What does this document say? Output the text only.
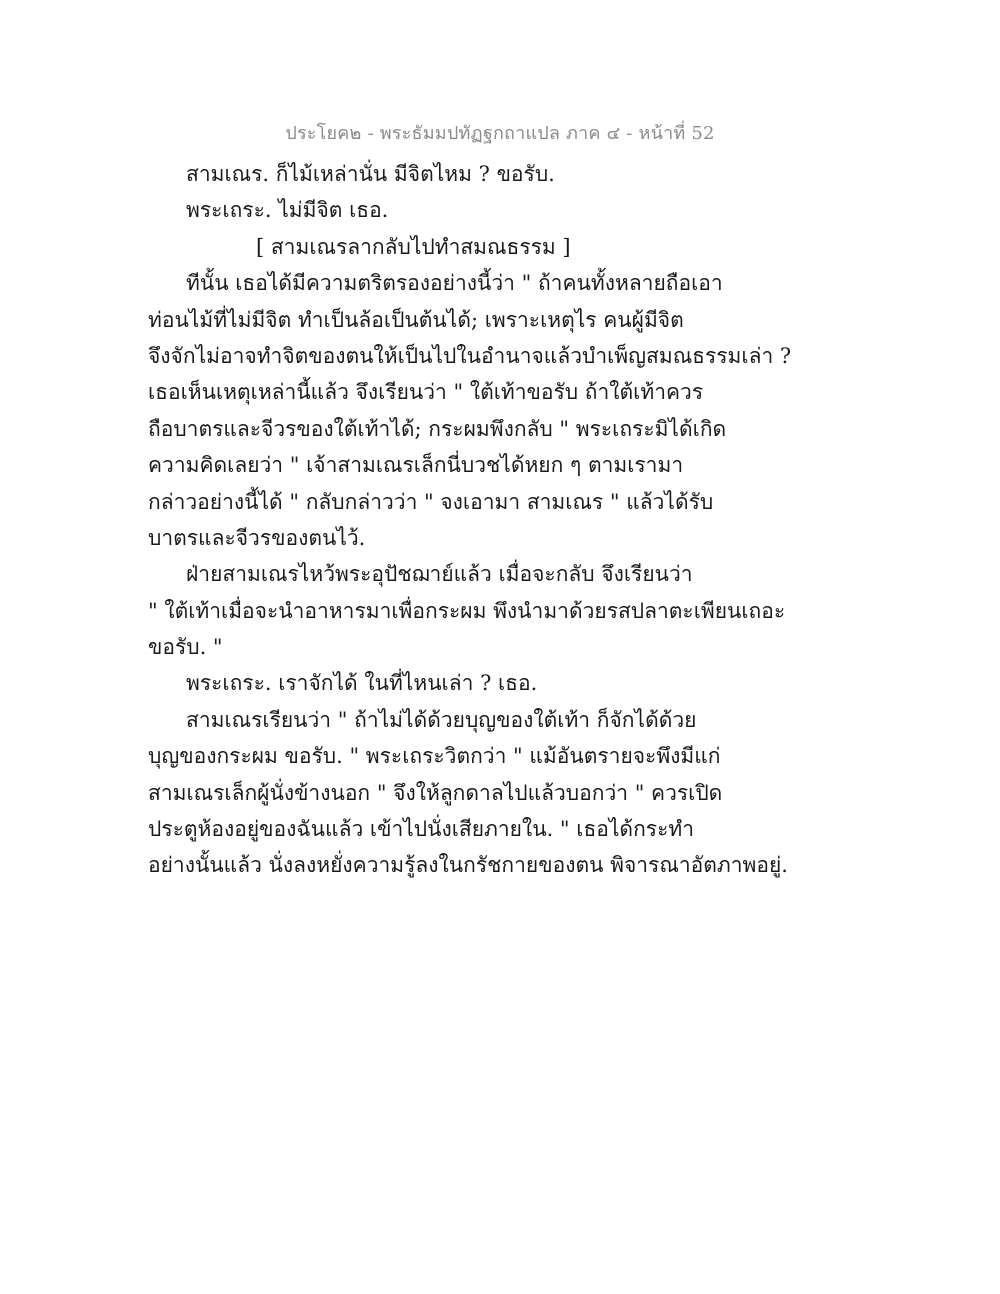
ประโยค๒ - พระธัมมปทัฏฐกถาแปล ภาค ๔ - หน้าที่ 52
สามเณร. ก็ไม้เหล่านั่น มีจิตไหม ? ขอรับ.
พระเถระ. ไม่มีจิต เธอ.
[ สามเณรลากลับไปทำสมณธรรม ]
ทีนั้น เธอได้มีความตริตรองอย่างนี้ว่า " ถ้าคนทั้งหลายถือเอา
ท่อนไม้ที่ไม่มีจิต ทำเป็นล้อเป็นต้นได้; เพราะเหตุไร คนผู้มีจิต
จึงจักไม่อาจทำจิตของตนให้เป็นไปในอำนาจแล้วบำเพ็ญสมณธรรมเล่า ?
เธอเห็นเหตุเหล่านี้แล้ว จึงเรียนว่า " ใต้เท้าขอรับ ถ้าใต้เท้าควร
ถือบาตรและจีวรของใต้เท้าได้; กระผมพึงกลับ " พระเถระมิได้เกิด
ความคิดเลยว่า " เจ้าสามเณรเล็กนี่บวชได้หยก ๆ ตามเรามา
กล่าวอย่างนี้ได้ " กลับกล่าวว่า " จงเอามา สามเณร " แล้วได้รับ
บาตรและจีวรของตนไว้.
ฝ่ายสามเณรไหว้พระอุปัชฌาย์แล้ว เมื่อจะกลับ จึงเรียนว่า
" ใต้เท้าเมื่อจะนำอาหารมาเพื่อกระผม พึงนำมาด้วยรสปลาตะเพียนเถอะ
ขอรับ. "
พระเถระ. เราจักได้ ในที่ไหนเล่า ? เธอ.
สามเณรเรียนว่า " ถ้าไม่ได้ด้วยบุญของใต้เท้า ก็จักได้ด้วย
บุญของกระผม ขอรับ. " พระเถระวิตกว่า " แม้อันตรายจะพึงมีแก่
สามเณรเล็กผู้นั่งข้างนอก " จึงให้ลูกดาลไปแล้วบอกว่า " ควรเปิด
ประตูห้องอยู่ของฉันแล้ว เข้าไปนั่งเสียภายใน. " เธอได้กระทำ
อย่างนั้นแล้ว นั่งลงหยั่งความรู้ลงในกรัชกายของตน พิจารณาอัตภาพอยู่.
